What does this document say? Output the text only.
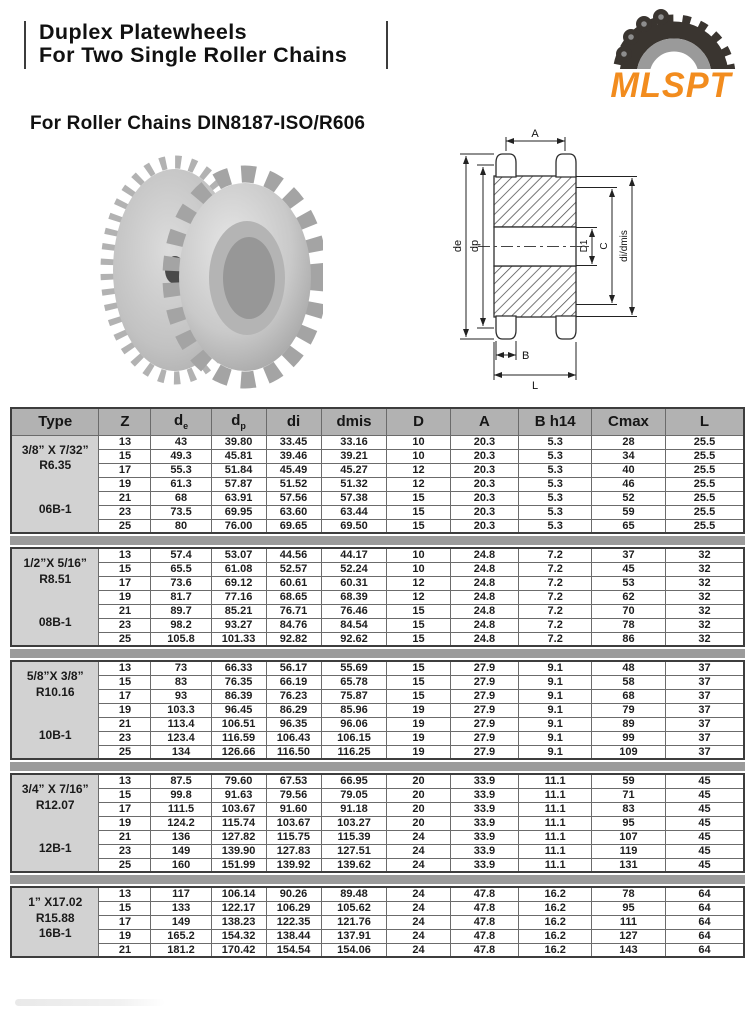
Duplex Platewheels
For Two Single Roller Chains
MLSPT
For Roller Chains DIN8187-ISO/R606	A
de dp	D1 C di/dmis
B
L
Type	Z	$d_e$	$d_p$	di	dmis	D	A	B h14	Cmax	L

3/8” X 7/32”
R6.35
06B-1	13	43	39.80	33.45	33.16	10	20.3	5.3	28	25.5
	15	49.3	45.81	39.46	39.21	10	20.3	5.3	34	25.5
	17	55.3	51.84	45.49	45.27	12	20.3	5.3	40	25.5
	19	61.3	57.87	51.52	51.32	12	20.3	5.3	46	25.5
	21	68	63.91	57.56	57.38	15	20.3	5.3	52	25.5
	23	73.5	69.95	63.60	63.44	15	20.3	5.3	59	25.5
	25	80	76.00	69.65	69.50	15	20.3	5.3	65	25.5
1/2”X 5/16”
R8.51
08B-1	13	57.4	53.07	44.56	44.17	10	24.8	7.2	37	32
	15	65.5	61.08	52.57	52.24	10	24.8	7.2	45	32
	17	73.6	69.12	60.61	60.31	12	24.8	7.2	53	32
	19	81.7	77.16	68.65	68.39	12	24.8	7.2	62	32
	21	89.7	85.21	76.71	76.46	15	24.8	7.2	70	32
	23	98.2	93.27	84.76	84.54	15	24.8	7.2	78	32
	25	105.8	101.33	92.82	92.62	15	24.8	7.2	86	32
5/8”X 3/8”
R10.16
10B-1	13	73	66.33	56.17	55.69	15	27.9	9.1	48	37
	15	83	76.35	66.19	65.78	15	27.9	9.1	58	37
	17	93	86.39	76.23	75.87	15	27.9	9.1	68	37
	19	103.3	96.45	86.29	85.96	19	27.9	9.1	79	37
	21	113.4	106.51	96.35	96.06	19	27.9	9.1	89	37
	23	123.4	116.59	106.43	106.15	19	27.9	9.1	99	37
	25	134	126.66	116.50	116.25	19	27.9	9.1	109	37
3/4” X 7/16”
R12.07
12B-1	13	87.5	79.60	67.53	66.95	20	33.9	11.1	59	45
	15	99.8	91.63	79.56	79.05	20	33.9	11.1	71	45
	17	111.5	103.67	91.60	91.18	20	33.9	11.1	83	45
	19	124.2	115.74	103.67	103.27	20	33.9	11.1	95	45
	21	136	127.82	115.75	115.39	24	33.9	11.1	107	45
	23	149	139.90	127.83	127.51	24	33.9	11.1	119	45
	25	160	151.99	139.92	139.62	24	33.9	11.1	131	45
1” X17.02
R15.88
16B-1	13	117	106.14	90.26	89.48	24	47.8	16.2	78	64
	15	133	122.17	106.29	105.62	24	47.8	16.2	95	64
	17	149	138.23	122.35	121.76	24	47.8	16.2	111	64
	19	165.2	154.32	138.44	137.91	24	47.8	16.2	127	64
	21	181.2	170.42	154.54	154.06	24	47.8	16.2	143	64
